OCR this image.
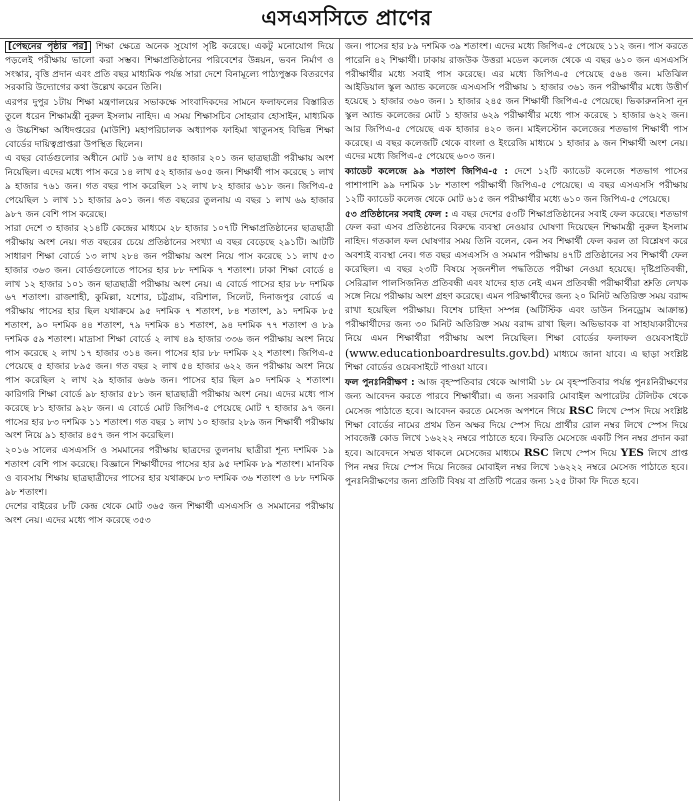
এসএসসিতে প্রাণের

[পেছনের পৃষ্ঠার পর] শিক্ষা ক্ষেত্রে অনেক সুযোগ সৃষ্টি করেছে। একটু মনোযোগ দিয়ে পড়লেই পরীক্ষায় ভালো করা সম্ভব। শিক্ষাপ্রতিষ্ঠানের পরিবেশের উন্নয়ন, ভবন নির্মাণ ও সংস্কার, বৃত্তি প্রদান এবং প্রতি বছর মাধ্যমিক পর্যন্ত সারা দেশে বিনামূল্যে পাঠ্যপুস্তক বিতরণের সরকারি উদ্যোগের কথা উল্লেখ করেন তিনি।

এরপর দুপুর ১টায় শিক্ষা মন্ত্রণালয়ের সভাকক্ষে সাংবাদিকদের সামনে ফলাফলের বিস্তারিত তুলে ধরেন শিক্ষামন্ত্রী নুরুল ইসলাম নাহিদ। এ সময় শিক্ষাসচিব সোহরাব হোসাইন, মাধ্যমিক ও উচ্চশিক্ষা অধিদপ্তরের (মাউশি) মহাপরিচালক অধ্যাপক ফাহিমা খাতুনসহ বিভিন্ন শিক্ষা বোর্ডের দায়িত্বপ্রাপ্তরা উপস্থিত ছিলেন।

এ বছর বোর্ডগুলোর অধীনে মোট ১৬ লাখ ৪৫ হাজার ২০১ জন ছাত্রছাত্রী পরীক্ষায় অংশ নিয়েছিল। এদের মধ্যে পাস করে ১৪ লাখ ৫২ হাজার ৬০৫ জন। শিক্ষার্থী পাস করেছে ১ লাখ ৯ হাজার ৭৬১ জন। গত বছর পাস করেছিল ১২ লাখ ৮২ হাজার ৬১৮ জন। জিপিএ-৫ পেয়েছিল ১ লাখ ১১ হাজার ৯০১ জন। গত বছরের তুলনায় এ বছর ১ লাখ ৬৯ হাজার ৯৮৭ জন বেশি পাস করেছে।

সারা দেশে ৩ হাজার ২১৪টি কেন্দ্রের মাধ্যমে ২৮ হাজার ১০৭টি শিক্ষাপ্রতিষ্ঠানের ছাত্রছাত্রী পরীক্ষায় অংশ নেয়। গত বছরের চেয়ে প্রতিষ্ঠানের সংখ্যা এ বছর বেড়েছে ২৯১টি। আটটি সাধারণ শিক্ষা বোর্ডে ১৩ লাখ ২৮৪ জন পরীক্ষায় অংশ নিয়ে পাস করেছে ১১ লাখ ৫৩ হাজার ৩৬৩ জন। বোর্ডগুলোতে পাসের হার ৮৮ দশমিক ৭ শতাংশ। ঢাকা শিক্ষা বোর্ডে ৪ লাখ ১২ হাজার ১০১ জন ছাত্রছাত্রী পরীক্ষায় অংশ নেয়। এ বোর্ডে পাসের হার ৮৮ দশমিক ৬৭ শতাংশ। রাজশাহী, কুমিল্লা, যশোর, চট্টগ্রাম, বরিশাল, সিলেট, দিনাজপুর বোর্ডে এ পরীক্ষায় পাসের হার ছিল যথাক্রমে ৯৫ দশমিক ৭ শতাংশ, ৮৪ শতাংশ, ৯১ দশমিক ৮৫ শতাংশ, ৯০ দশমিক ৪৪ শতাংশ, ৭৯ দশমিক ৪১ শতাংশ, ৯৪ দশমিক ৭৭ শতাংশ ও ৮৯ দশমিক ৫৯ শতাংশ। মাদ্রাসা শিক্ষা বোর্ডে ২ লাখ ৪৯ হাজার ৩৩৬ জন পরীক্ষায় অংশ নিয়ে পাস করেছে ২ লাখ ১৭ হাজার ৩১৪ জন। পাসের হার ৮৮ দশমিক ২২ শতাংশ। জিপিএ-৫ পেয়েছে ৫ হাজার ৮৯৫ জন। গত বছর ২ লাখ ৫৪ হাজার ৬২২ জন পরীক্ষায় অংশ নিয়ে পাস করেছিল ২ লাখ ২৯ হাজার ৬৬৬ জন। পাসের হার ছিল ৯০ দশমিক ২ শতাংশ। কারিগরি শিক্ষা বোর্ডে ৯৮ হাজার ৫৮১ জন ছাত্রছাত্রী পরীক্ষায় অংশ নেয়। এদের মধ্যে পাস করেছে ৮১ হাজার ৯২৮ জন। এ বোর্ডে মোট জিপিএ-৫ পেয়েছে মোট ৭ হাজার ৯৭ জন। পাসের হার ৮৩ দশমিক ১১ শতাংশ। গত বছর ১ লাখ ১০ হাজার ২৮৯ জন শিক্ষার্থী পরীক্ষায় অংশ নিয়ে ৯১ হাজার ৪৫৭ জন পাস করেছিল।

২০১৬ সালের এসএসসি ও সমমানের পরীক্ষায় ছাত্রদের তুলনায় ছাত্রীরা শূন্য দশমিক ১৯ শতাংশ বেশি পাস করেছে। বিজ্ঞানে শিক্ষার্থীদের পাসের হার ৯৫ দশমিক ৮৯ শতাংশ। মানবিক ও ব্যবসায় শিক্ষায় ছাত্রছাত্রীদের পাসের হার যথাক্রমে ৮৩ দশমিক ৩৬ শতাংশ ও ৮৮ দশমিক ৯৮ শতাংশ।

দেশের বাইরের ৮টি কেন্দ্র থেকে মোট ৩৬৫ জন শিক্ষার্থী এসএসসি ও সমমানের পরীক্ষায় অংশ নেয়। এদের মধ্যে পাস করেছে ৩৫৩

জন। পাসের হার ৮৯ দশমিক ৩৯ শতাংশ। এদের মধ্যে জিপিএ-৫ পেয়েছে ১১২ জন। পাস করতে পারেনি ৪২ শিক্ষার্থী। ঢাকায় রাজউক উত্তরা মডেল কলেজ থেকে এ বছর ৬১০ জন এসএসসি পরীক্ষার্থীর মধ্যে সবাই পাস করেছে। এর মধ্যে জিপিএ-৫ পেয়েছে ৫৬৪ জন। মতিঝিল আইডিয়াল স্কুল অ্যান্ড কলেজে এসএসসি পরীক্ষায় ১ হাজার ৩৬১ জন পরীক্ষার্থীর মধ্যে উত্তীর্ণ হয়েছে ১ হাজার ৩৬০ জন। ১ হাজার ২৪৫ জন শিক্ষার্থী জিপিএ-৫ পেয়েছে। ভিকারুননিসা নূন স্কুল অ্যান্ড কলেজের মোট ১ হাজার ৬২৯ পরীক্ষার্থীর মধ্যে পাস করেছে ১ হাজার ৬২২ জন। আর জিপিএ-৫ পেয়েছে এক হাজার ৪২০ জন। মাইলস্টোন কলেজের শতভাগ শিক্ষার্থী পাস করেছে। এ বছর কলেজটি থেকে বাংলা ও ইংরেজি মাধ্যমে ১ হাজার ৯ জন শিক্ষার্থী অংশ নেয়। এদের মধ্যে জিপিএ-৫ পেয়েছে ৬০৩ জন।

ক্যাডেট কলেজে ৯৯ শতাংশ জিপিএ-৫ : দেশে ১২টি ক্যাডেট কলেজে শতভাগ পাসের পাশাপাশি ৯৯ দশমিক ১৮ শতাংশ পরীক্ষার্থী জিপিএ-৫ পেয়েছে। এ বছর এসএসসি পরীক্ষায় ১২টি ক্যাডেট কলেজ থেকে মোট ৬১৫ জন পরীক্ষার্থীর মধ্যে ৬১০ জন জিপিএ-৫ পেয়েছে।

৫৩ প্রতিষ্ঠানের সবাই ফেল : এ বছর দেশের ৫৩টি শিক্ষাপ্রতিষ্ঠানের সবাই ফেল করেছে। শতভাগ ফেল করা এসব প্রতিষ্ঠানের বিরুদ্ধে ব্যবস্থা নেওয়ার ঘোষণা দিয়েছেন শিক্ষামন্ত্রী নুরুল ইসলাম নাহিদ। গতকাল ফল ঘোষণার সময় তিনি বলেন, কেন সব শিক্ষার্থী ফেল করল তা বিশ্লেষণ করে অবশ্যই ব্যবস্থা নেব। গত বছর এসএসসি ও সমমান পরীক্ষায় ৪৭টি প্রতিষ্ঠানের সব শিক্ষার্থী ফেল করেছিল। এ বছর ২৩টি বিষয়ে সৃজনশীল পদ্ধতিতে পরীক্ষা নেওয়া হয়েছে। দৃষ্টিপ্রতিবন্ধী, সেরিব্রাল পালসিজনিত প্রতিবন্ধী এবং যাদের হাত নেই এমন প্রতিবন্ধী পরীক্ষার্থীরা শ্রুতি লেখক সঙ্গে নিয়ে পরীক্ষায় অংশ গ্রহণ করেছে। এমন পরিক্ষার্থীদের জন্য ২০ মিনিট অতিরিক্ত সময় বরাদ্দ রাখা হয়েছিল পরীক্ষায়। বিশেষ চাহিদা সম্পন্ন (অটিস্টিক এবং ডাউন সিনড্রোম আক্রান্ত) পরীক্ষার্থীদের জন্য ৩০ মিনিট অতিরিক্ত সময় বরাদ্দ রাখা ছিল। অভিভাবক বা সাহায্যকারীদের নিয়ে এমন শিক্ষার্থীরা পরীক্ষায় অংশ নিয়েছিল। শিক্ষা বোর্ডের ফলাফল ওয়েবসাইটে (www.educationboardresults.gov.bd) মাধ্যমে জানা যাবে। এ ছাড়া সংশ্লিষ্ট শিক্ষা বোর্ডের ওয়েবসাইটে পাওয়া যাবে।

ফল পুনঃনিরীক্ষণ : আজ বৃহস্পতিবার থেকে আগামী ১৮ মে বৃহস্পতিবার পর্যন্ত পুনঃনিরীক্ষণের জন্য আবেদন করতে পারবে শিক্ষার্থীরা। এ জন্য সরকারি মোবাইল অপারেটর টেলিটক থেকে মেসেজ পাঠাতে হবে। আবেদন করতে মেসেজ অপশনে গিয়ে RSC লিখে স্পেস দিয়ে সংশ্লিষ্ট শিক্ষা বোর্ডের নামের প্রথম তিন অক্ষর দিয়ে স্পেস দিয়ে প্রার্থীর রোল নম্বর লিখে স্পেস দিয়ে সাবজেক্ট কোড লিখে ১৬২২২ নম্বরে পাঠাতে হবে। ফিরতি মেসেজে একটি পিন নম্বর প্রদান করা হবে। আবেদনে সম্মত থাকলে মেসেজের মাধ্যমে RSC লিখে স্পেস দিয়ে YES লিখে প্রাপ্ত পিন নম্বর দিয়ে স্পেস দিয়ে নিজের মোবাইল নম্বর লিখে ১৬২২২ নম্বরে মেসেজ পাঠাতে হবে। পুনঃনিরীক্ষণের জন্য প্রতিটি বিষয় বা প্রতিটি পত্রের জন্য ১২৫ টাকা ফি দিতে হবে।
